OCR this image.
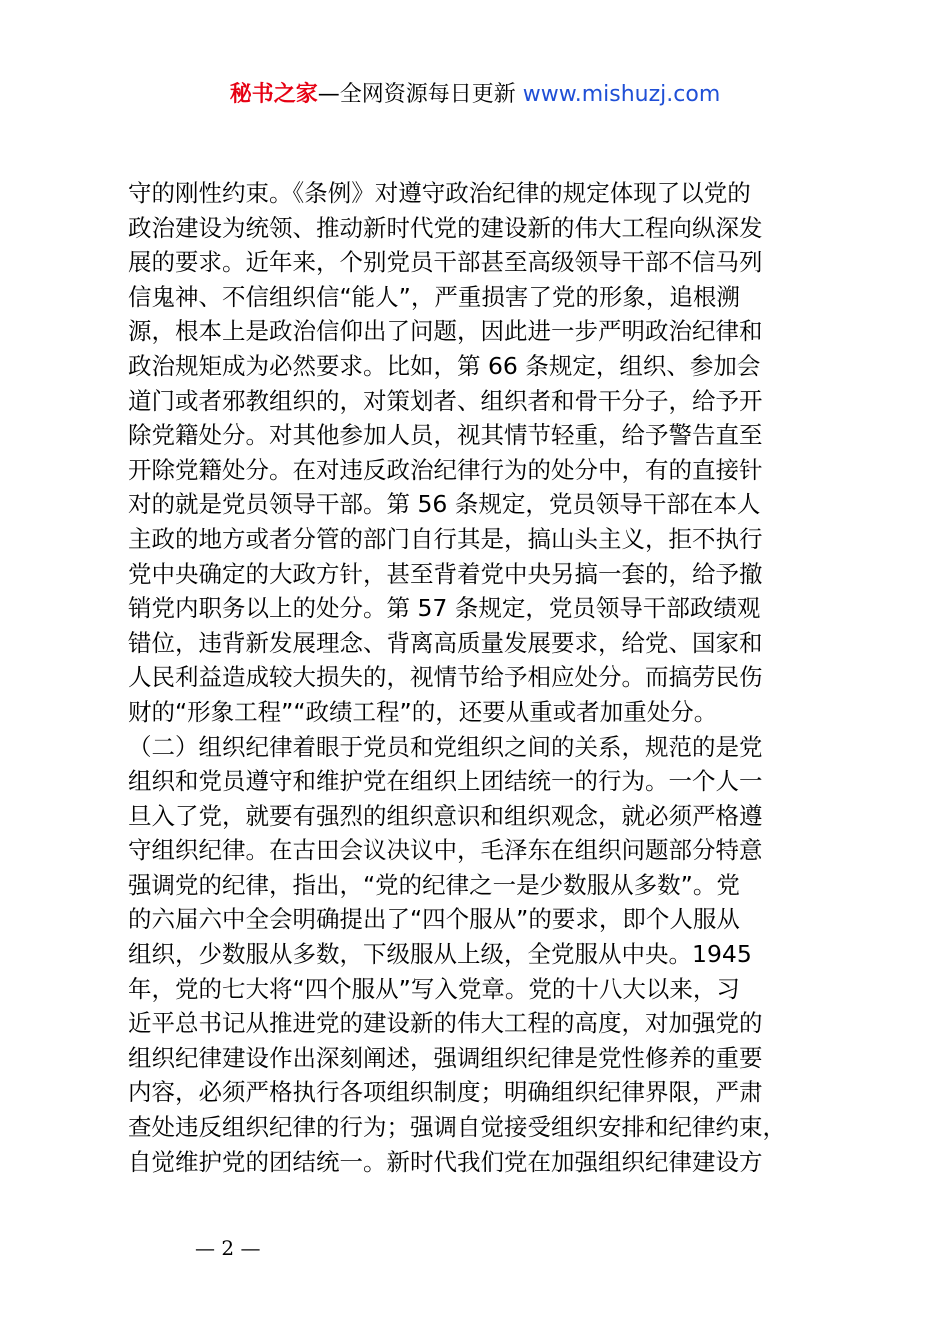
秘书之家—全网资源每日更新 www.mishuzj.com
守的刚性约束。《条例》对遵守政治纪律的规定体现了以党的
政治建设为统领、推动新时代党的建设新的伟大工程向纵深发
展的要求。近年来，个别党员干部甚至高级领导干部不信马列
信鬼神、不信组织信“能人”，严重损害了党的形象，追根溯
源，根本上是政治信仰出了问题，因此进一步严明政治纪律和
政治规矩成为必然要求。比如，第 66 条规定，组织、参加会
道门或者邪教组织的，对策划者、组织者和骨干分子，给予开
除党籍处分。对其他参加人员，视其情节轻重，给予警告直至
开除党籍处分。在对违反政治纪律行为的处分中，有的直接针
对的就是党员领导干部。第 56 条规定，党员领导干部在本人
主政的地方或者分管的部门自行其是，搞山头主义，拒不执行
党中央确定的大政方针，甚至背着党中央另搞一套的，给予撤
销党内职务以上的处分。第 57 条规定，党员领导干部政绩观
错位，违背新发展理念、背离高质量发展要求，给党、国家和
人民利益造成较大损失的，视情节给予相应处分。而搞劳民伤
财的“形象工程”“政绩工程”的，还要从重或者加重处分。
（二）组织纪律着眼于党员和党组织之间的关系，规范的是党
组织和党员遵守和维护党在组织上团结统一的行为。一个人一
旦入了党，就要有强烈的组织意识和组织观念，就必须严格遵
守组织纪律。在古田会议决议中，毛泽东在组织问题部分特意
强调党的纪律，指出，“党的纪律之一是少数服从多数”。党
的六届六中全会明确提出了“四个服从”的要求，即个人服从
组织，少数服从多数，下级服从上级，全党服从中央。1945
年，党的七大将“四个服从”写入党章。党的十八大以来，习
近平总书记从推进党的建设新的伟大工程的高度，对加强党的
组织纪律建设作出深刻阐述，强调组织纪律是党性修养的重要
内容，必须严格执行各项组织制度；明确组织纪律界限，严肃
查处违反组织纪律的行为；强调自觉接受组织安排和纪律约束，
自觉维护党的团结统一。新时代我们党在加强组织纪律建设方
— 2 —
